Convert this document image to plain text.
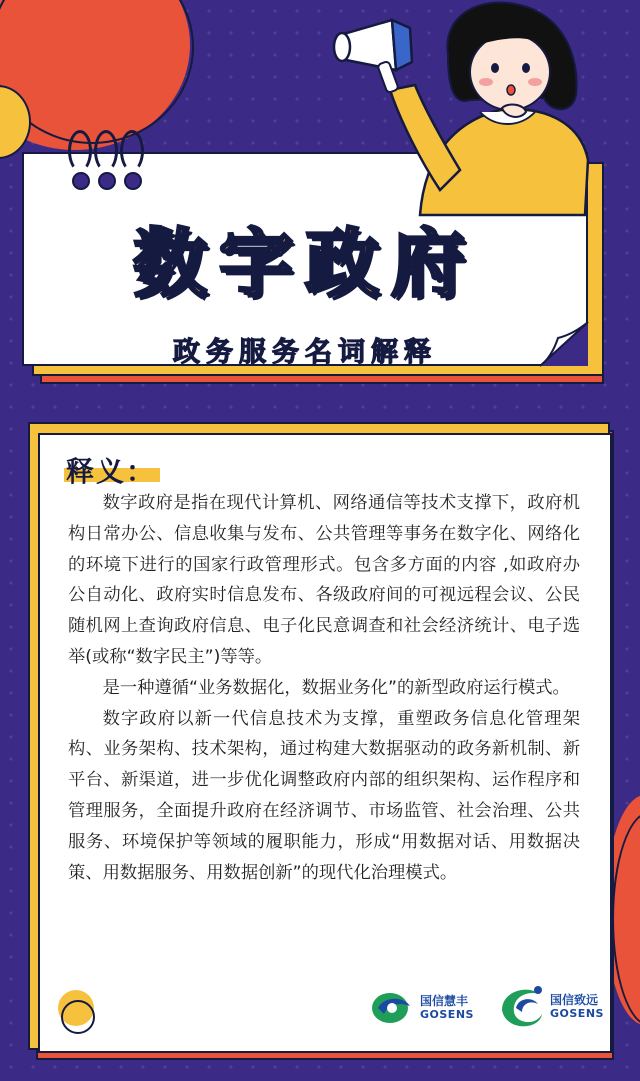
数字政府
政务服务名词解释
释义：

数字政府是指在现代计算机、网络通信等技术支撑下，政府机构日常办公、信息收集与发布、公共管理等事务在数字化、网络化的环境下进行的国家行政管理形式。包含多方面的内容 ,如政府办公自动化、政府实时信息发布、各级政府间的可视远程会议、公民随机网上查询政府信息、电子化民意调查和社会经济统计、电子选举(或称“数字民主”)等等。

是一种遵循“业务数据化，数据业务化”的新型政府运行模式。

数字政府以新一代信息技术为支撑，重塑政务信息化管理架构、业务架构、技术架构，通过构建大数据驱动的政务新机制、新平台、新渠道，进一步优化调整政府内部的组织架构、运作程序和管理服务，全面提升政府在经济调节、市场监管、社会治理、公共服务、环境保护等领域的履职能力，形成“用数据对话、用数据决策、用数据服务、用数据创新”的现代化治理模式。

国信慧丰
GOSENS
国信致远
GOSENS
